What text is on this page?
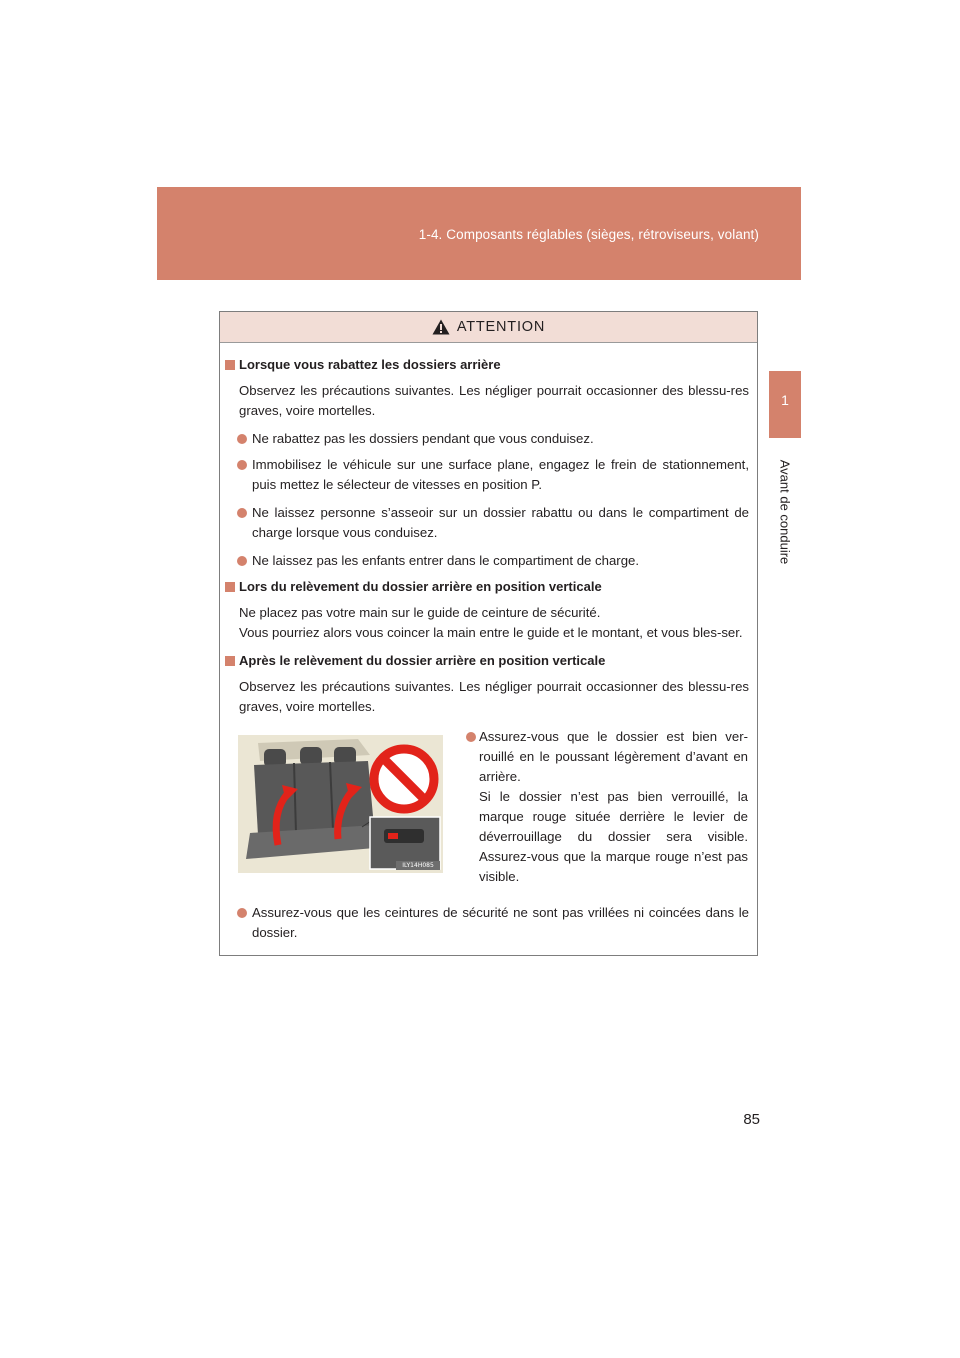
1-4. Composants réglables (sièges, rétroviseurs, volant)
1
Avant de conduire
ATTENTION
Lorsque vous rabattez les dossiers arrière
Observez les précautions suivantes. Les négliger pourrait occasionner des blessu-res graves, voire mortelles.
Ne rabattez pas les dossiers pendant que vous conduisez.
Immobilisez le véhicule sur une surface plane, engagez le frein de stationnement, puis mettez le sélecteur de vitesses en position P.
Ne laissez personne s’asseoir sur un dossier rabattu ou dans le compartiment de charge lorsque vous conduisez.
Ne laissez pas les enfants entrer dans le compartiment de charge.
Lors du relèvement du dossier arrière en position verticale
Ne placez pas votre main sur le guide de ceinture de sécurité.
Vous pourriez alors vous coincer la main entre le guide et le montant, et vous bles-ser.
Après le relèvement du dossier arrière en position verticale
Observez les précautions suivantes. Les négliger pourrait occasionner des blessu-res graves, voire mortelles.
ILY14H085
Assurez-vous que le dossier est bien ver-rouillé en le poussant légèrement d’avant en arrière.
Si le dossier n’est pas bien verrouillé, la marque rouge située derrière le levier de déverrouillage du dossier sera visible. Assurez-vous que la marque rouge n’est pas visible.
Assurez-vous que les ceintures de sécurité ne sont pas vrillées ni coincées dans le dossier.
85
